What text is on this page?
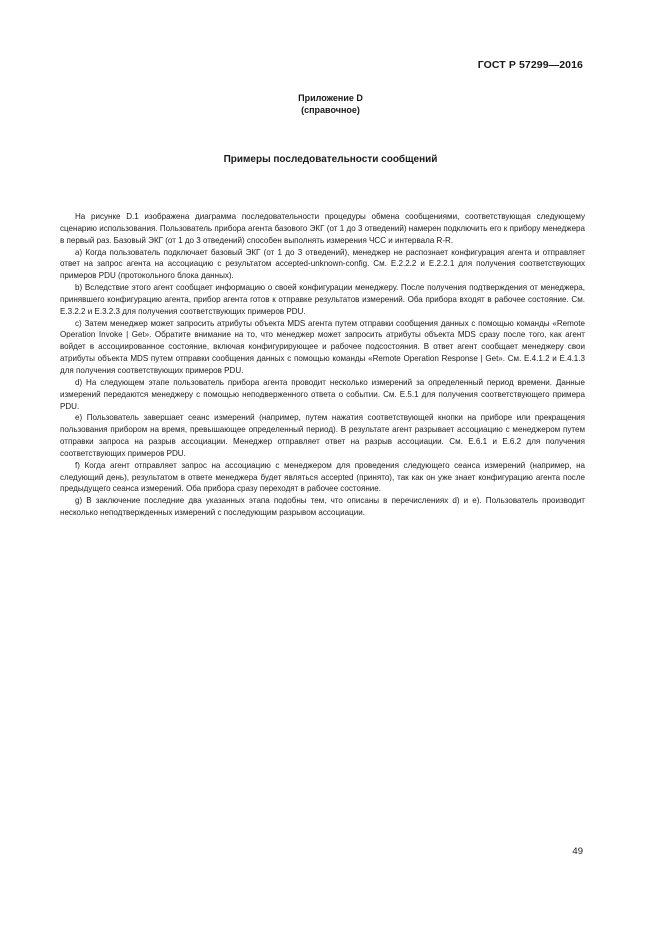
ГОСТ Р 57299—2016
Приложение D
(справочное)
Примеры последовательности сообщений

На рисунке D.1 изображена диаграмма последовательности процедуры обмена сообщениями, соответствующая следующему сценарию использования. Пользователь прибора агента базового ЭКГ (от 1 до 3 отведений) намерен подключить его к прибору менеджера в первый раз. Базовый ЭКГ (от 1 до 3 отведений) способен выполнять измерения ЧСС и интервала R-R.

а) Когда пользователь подключает базовый ЭКГ (от 1 до 3 отведений), менеджер не распознает конфигурация агента и отправляет ответ на запрос агента на ассоциацию с результатом accepted-unknown-config. См. Е.2.2.2 и Е.2.2.1 для получения соответствующих примеров PDU (протокольного блока данных).

b) Вследствие этого агент сообщает информацию о своей конфигурации менеджеру. После получения подтверждения от менеджера, принявшего конфигурацию агента, прибор агента готов к отправке результатов измерений. Оба прибора входят в рабочее состояние. См. Е.3.2.2 и Е.3.2.3 для получения соответствующих примеров PDU.

c) Затем менеджер может запросить атрибуты объекта MDS агента путем отправки сообщения данных с помощью команды «Remote Operation Invoke | Get». Обратите внимание на то, что менеджер может запросить атрибуты объекта MDS сразу после того, как агент войдет в ассоциированное состояние, включая конфигурирующее и рабочее подсостояния. В ответ агент сообщает менеджеру свои атрибуты объекта MDS путем отправки сообщения данных с помощью команды «Remote Operation Response | Get». См. Е.4.1.2 и Е.4.1.3 для получения соответствующих примеров PDU.

d) На следующем этапе пользователь прибора агента проводит несколько измерений за определенный период времени. Данные измерений передаются менеджеру с помощью неподверженного ответа о событии. См. Е.5.1 для получения соответствующего примера PDU.

e) Пользователь завершает сеанс измерений (например, путем нажатия соответствующей кнопки на приборе или прекращения пользования прибором на время, превышающее определенный период). В результате агент разрывает ассоциацию с менеджером путем отправки запроса на разрыв ассоциации. Менеджер отправляет ответ на разрыв ассоциации. См. Е.6.1 и Е.6.2 для получения соответствующих примеров PDU.

f) Когда агент отправляет запрос на ассоциацию с менеджером для проведения следующего сеанса измерений (например, на следующий день), результатом в ответе менеджера будет являться accepted (принято), так как он уже знает конфигурацию агента после предыдущего сеанса измерений. Оба прибора сразу переходят в рабочее состояние.

g) В заключение последние два указанных этапа подобны тем, что описаны в перечислениях d) и e). Пользователь производит несколько неподтвержденных измерений с последующим разрывом ассоциации.

49
